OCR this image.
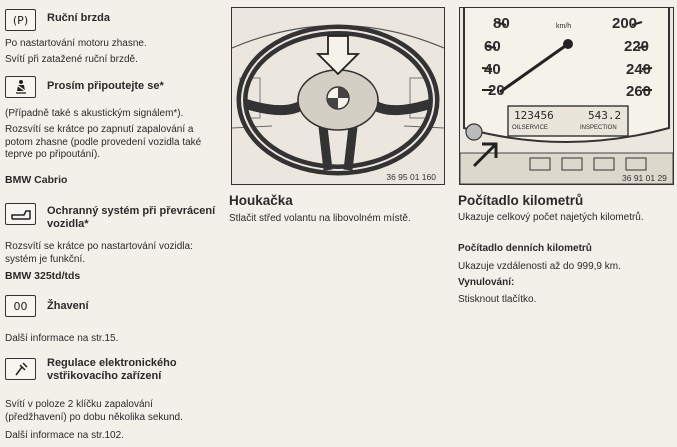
(P)	Ruční brzda
Po nastartování motoru zhasne.
Svítí při zatažené ruční brzdě.
Prosím připoutejte se*
(Případně také s akustickým signálem*).
Rozsvítí se krátce po zapnutí zapalování a potom zhasne (podle provedení vozidla také teprve po připoutání).
BMW Cabrio
Ochranný systém při převrácení vozidla*
Rozsvítí se krátce po nastartování vozidla: systém je funkční.
BMW 325td/tds
00	Žhavení
Další informace na str.15.
Regulace elektronického vstřikovacího zařízení
Svítí v poloze 2 klíčku zapalování (předžhavení) po dobu několika sekund.
Další informace na str.102.
36 95 01 160
Houkačka
Stlačit střed volantu na libovolném místě.
80	200
60	220
40	240
20	260
km/h
123456	543.2
OILSERVICE	INSPECTION
36 91 01 29
Počítadlo kilometrů
Ukazuje celkový počet najetých kilometrů.
Počítadlo denních kilometrů
Ukazuje vzdálenosti až do 999,9 km.
Vynulování:
Stisknout tlačítko.
